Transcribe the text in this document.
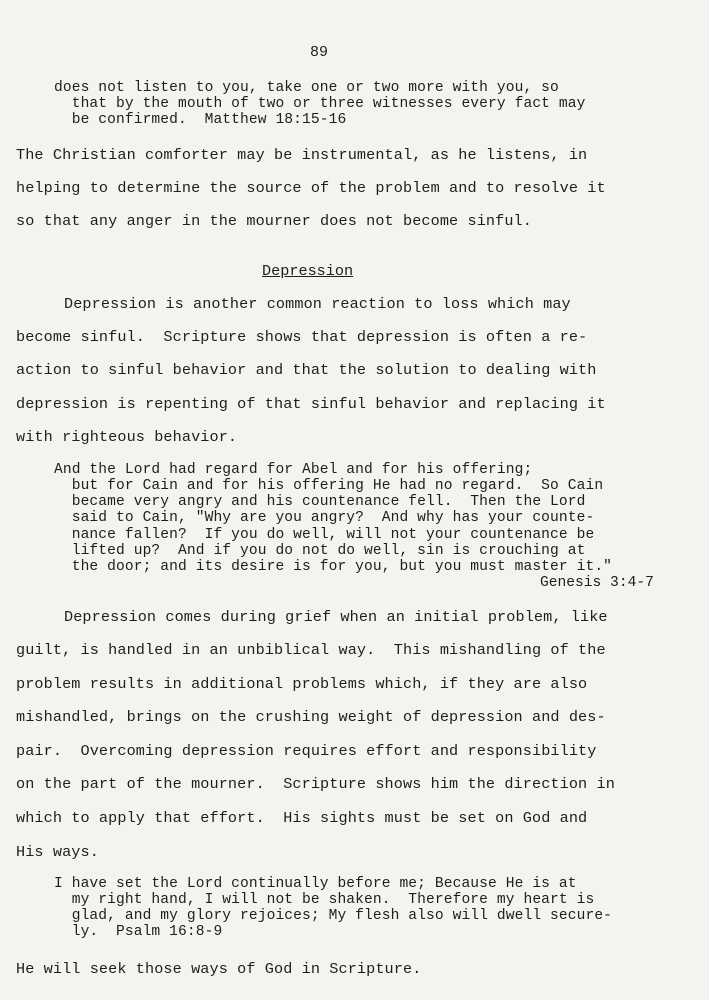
89
does not listen to you, take one or two more with you, so
that by the mouth of two or three witnesses every fact may
be confirmed.  Matthew 18:15-16
The Christian comforter may be instrumental, as he listens, in
helping to determine the source of the problem and to resolve it
so that any anger in the mourner does not become sinful.
Depression
Depression is another common reaction to loss which may
become sinful.  Scripture shows that depression is often a re-
action to sinful behavior and that the solution to dealing with
depression is repenting of that sinful behavior and replacing it
with righteous behavior.
And the Lord had regard for Abel and for his offering;
but for Cain and for his offering He had no regard.  So Cain
became very angry and his countenance fell.  Then the Lord
said to Cain, "Why are you angry?  And why has your counte-
nance fallen?  If you do well, will not your countenance be
lifted up?  And if you do not do well, sin is crouching at
the door; and its desire is for you, but you must master it."
Genesis 3:4-7
Depression comes during grief when an initial problem, like
guilt, is handled in an unbiblical way.  This mishandling of the
problem results in additional problems which, if they are also
mishandled, brings on the crushing weight of depression and des-
pair.  Overcoming depression requires effort and responsibility
on the part of the mourner.  Scripture shows him the direction in
which to apply that effort.  His sights must be set on God and
His ways.
I have set the Lord continually before me; Because He is at
my right hand, I will not be shaken.  Therefore my heart is
glad, and my glory rejoices; My flesh also will dwell secure-
ly.  Psalm 16:8-9
He will seek those ways of God in Scripture.
